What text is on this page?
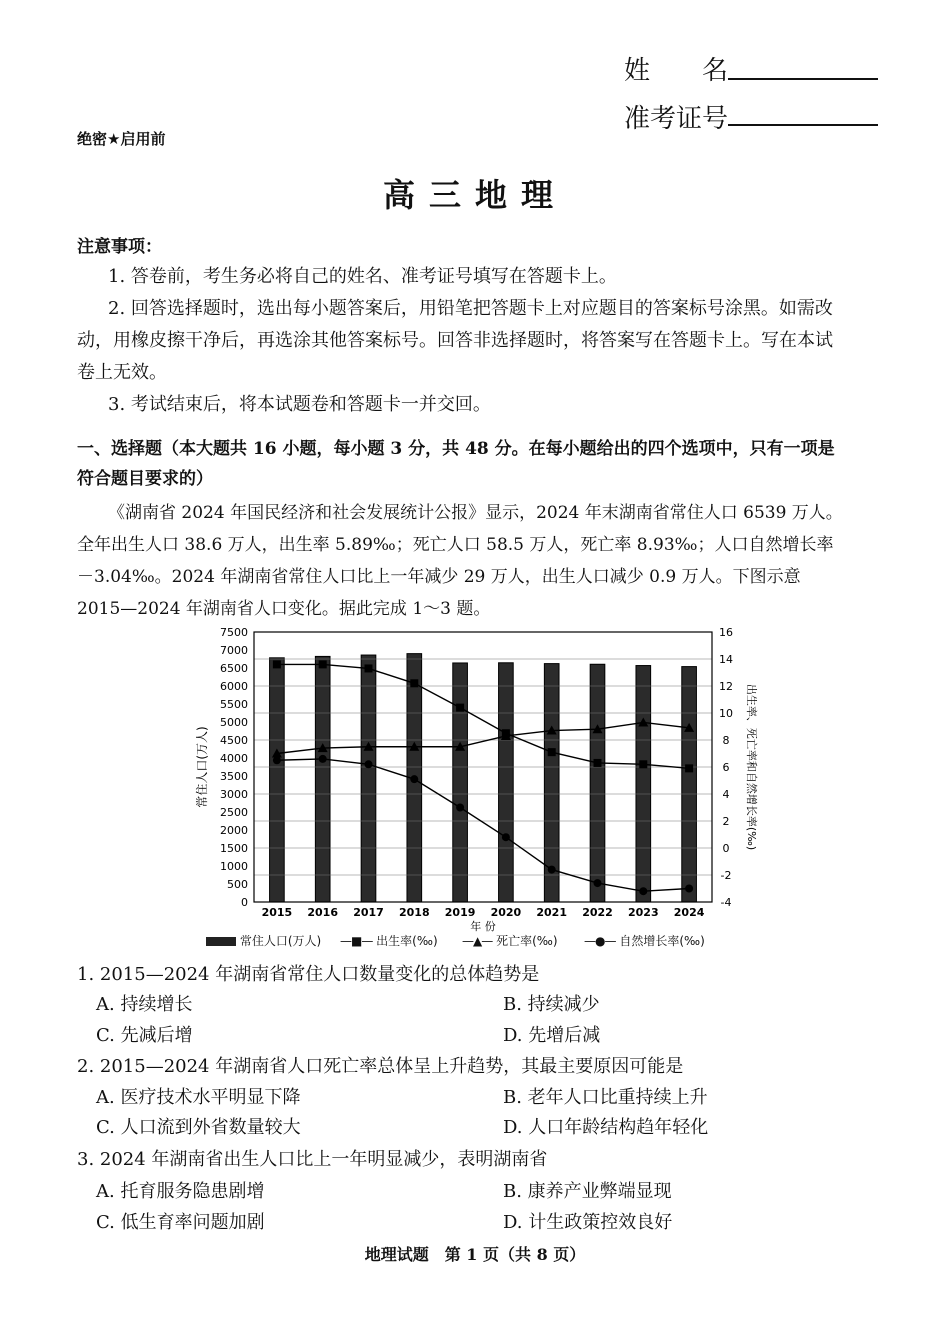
姓　　名
准考证号
绝密★启用前
高三地理
注意事项：
1. 答卷前，考生务必将自己的姓名、准考证号填写在答题卡上。
2. 回答选择题时，选出每小题答案后，用铅笔把答题卡上对应题目的答案标号涂黑。如需改
动，用橡皮擦干净后，再选涂其他答案标号。回答非选择题时，将答案写在答题卡上。写在本试
卷上无效。
3. 考试结束后，将本试题卷和答题卡一并交回。
一、选择题（本大题共 16 小题，每小题 3 分，共 48 分。在每小题给出的四个选项中，只有一项是
符合题目要求的）
《湖南省 2024 年国民经济和社会发展统计公报》显示，2024 年末湖南省常住人口 6539 万人。
全年出生人口 38.6 万人，出生率 5.89‰；死亡人口 58.5 万人，死亡率 8.93‰；人口自然增长率
－3.04‰。2024 年湖南省常住人口比上一年减少 29 万人，出生人口减少 0.9 万人。下图示意
2015—2024 年湖南省人口变化。据此完成 1～3 题。
0
500
1000
1500
2000
2500
3000
3500
4000
4500
5000
5500
6000
6500
7000
7500
-4
-2
0
2
4
6
8
10
12
14
16
2015 2016 2017 2018 2019 2020 2021 2022 2023 2024
年 份
常住人口(万人)	出生率、死亡率和自然增长率(‰)
常住人口(万人) —■— 出生率(‰) —▲— 死亡率(‰) —●— 自然增长率(‰)
1. 2015—2024 年湖南省常住人口数量变化的总体趋势是
A. 持续增长	B. 持续减少
C. 先减后增	D. 先增后减
2. 2015—2024 年湖南省人口死亡率总体呈上升趋势，其最主要原因可能是
A. 医疗技术水平明显下降	B. 老年人口比重持续上升
C. 人口流到外省数量较大	D. 人口年龄结构趋年轻化
3. 2024 年湖南省出生人口比上一年明显减少，表明湖南省
A. 托育服务隐患剧增	B. 康养产业弊端显现
C. 低生育率问题加剧	D. 计生政策控效良好
地理试题　第 1 页（共 8 页）
